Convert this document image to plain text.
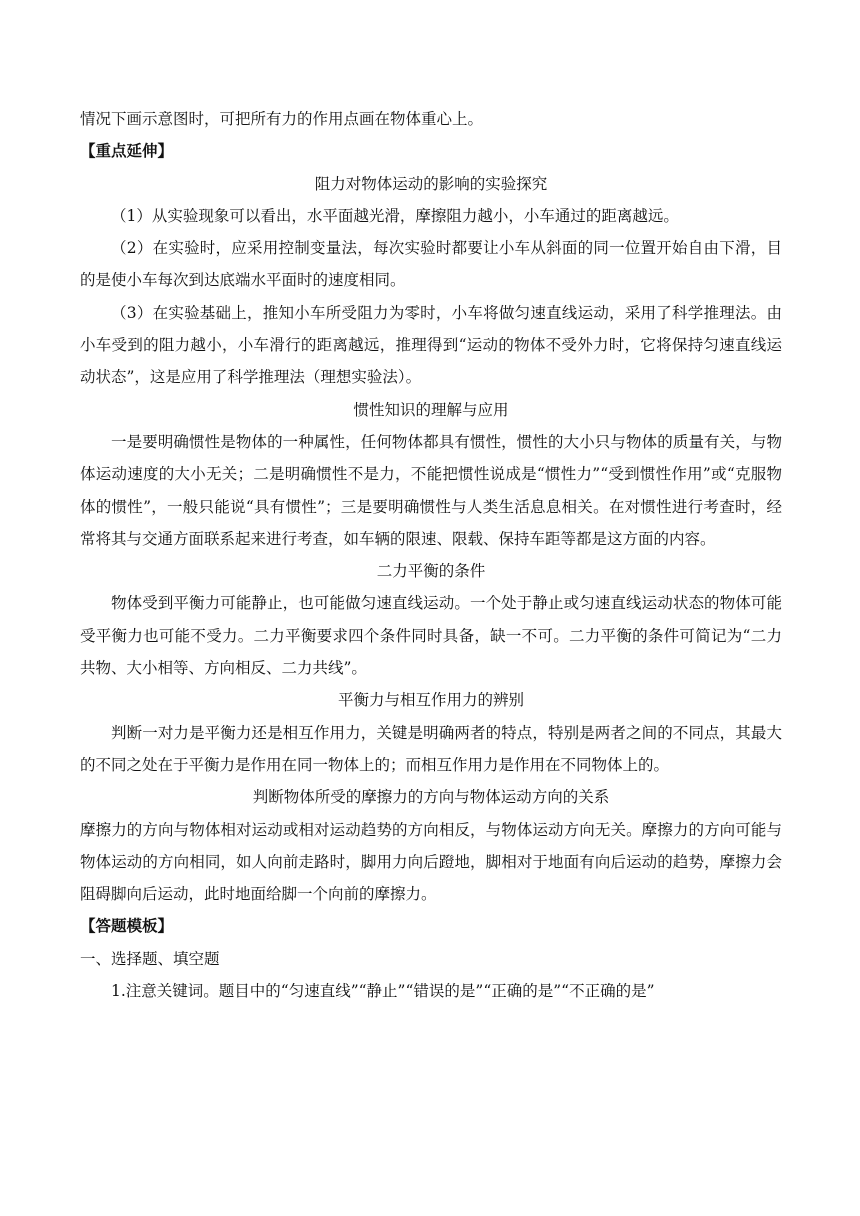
情况下画示意图时，可把所有力的作用点画在物体重心上。

【重点延伸】

阻力对物体运动的影响的实验探究

（1）从实验现象可以看出，水平面越光滑，摩擦阻力越小，小车通过的距离越远。

（2）在实验时，应采用控制变量法，每次实验时都要让小车从斜面的同一位置开始自由下滑，目的是使小车每次到达底端水平面时的速度相同。

（3）在实验基础上，推知小车所受阻力为零时，小车将做匀速直线运动，采用了科学推理法。由小车受到的阻力越小，小车滑行的距离越远，推理得到“运动的物体不受外力时，它将保持匀速直线运动状态”，这是应用了科学推理法（理想实验法）。

惯性知识的理解与应用

一是要明确惯性是物体的一种属性，任何物体都具有惯性，惯性的大小只与物体的质量有关，与物体运动速度的大小无关；二是明确惯性不是力，不能把惯性说成是“惯性力”“受到惯性作用”或“克服物体的惯性”，一般只能说“具有惯性”；三是要明确惯性与人类生活息息相关。在对惯性进行考查时，经常将其与交通方面联系起来进行考查，如车辆的限速、限载、保持车距等都是这方面的内容。

二力平衡的条件

物体受到平衡力可能静止，也可能做匀速直线运动。一个处于静止或匀速直线运动状态的物体可能受平衡力也可能不受力。二力平衡要求四个条件同时具备，缺一不可。二力平衡的条件可简记为“二力共物、大小相等、方向相反、二力共线”。

平衡力与相互作用力的辨别

判断一对力是平衡力还是相互作用力，关键是明确两者的特点，特别是两者之间的不同点，其最大的不同之处在于平衡力是作用在同一物体上的；而相互作用力是作用在不同物体上的。

判断物体所受的摩擦力的方向与物体运动方向的关系

摩擦力的方向与物体相对运动或相对运动趋势的方向相反，与物体运动方向无关。摩擦力的方向可能与物体运动的方向相同，如人向前走路时，脚用力向后蹬地，脚相对于地面有向后运动的趋势，摩擦力会阻碍脚向后运动，此时地面给脚一个向前的摩擦力。

【答题模板】

一、选择题、填空题

1.注意关键词。题目中的“匀速直线”“静止”“错误的是”“正确的是”“不正确的是”
